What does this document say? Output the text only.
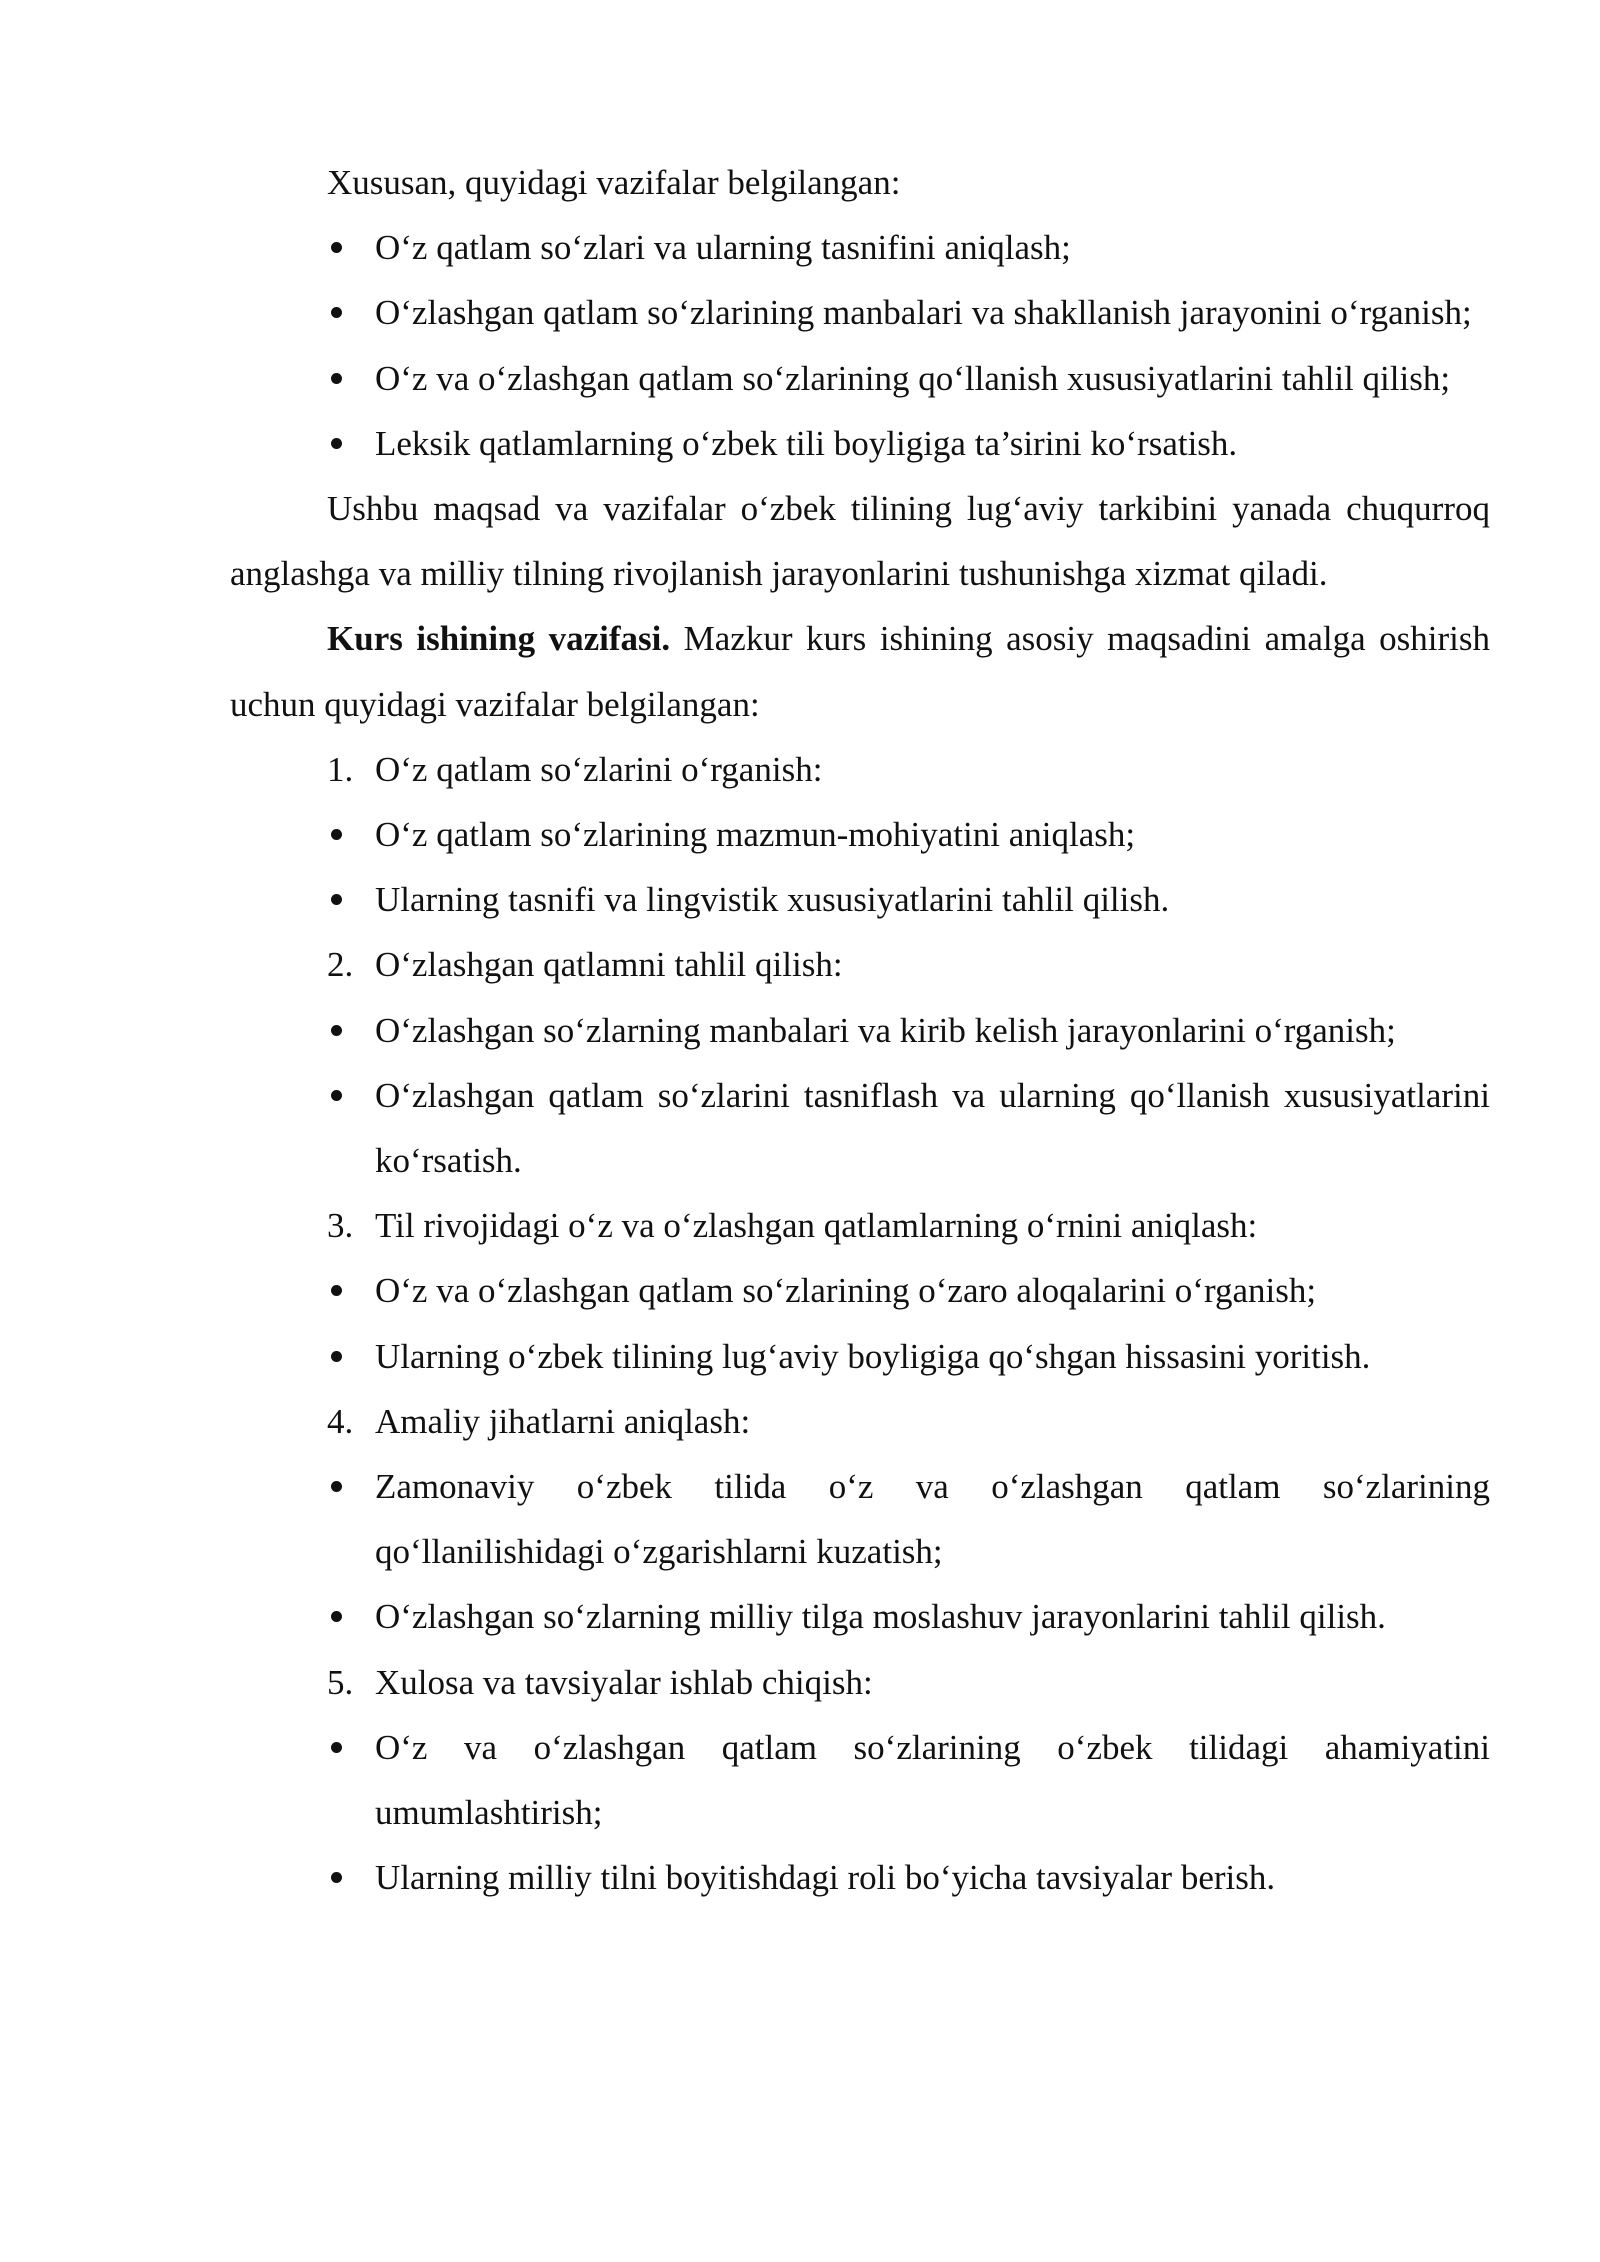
Xususan, quyidagi vazifalar belgilangan:

O‘z qatlam so‘zlari va ularning tasnifini aniqlash;
O‘zlashgan qatlam so‘zlarining manbalari va shakllanish jarayonini o‘rganish;
O‘z va o‘zlashgan qatlam so‘zlarining qo‘llanish xususiyatlarini tahlil qilish;
Leksik qatlamlarning o‘zbek tili boyligiga ta’sirini ko‘rsatish.

Ushbu maqsad va vazifalar o‘zbek tilining lug‘aviy tarkibini yanada chuqurroq anglashga va milliy tilning rivojlanish jarayonlarini tushunishga xizmat qiladi.

Kurs ishining vazifasi. Mazkur kurs ishining asosiy maqsadini amalga oshirish uchun quyidagi vazifalar belgilangan:

1. O‘z qatlam so‘zlarini o‘rganish:
O‘z qatlam so‘zlarining mazmun-mohiyatini aniqlash;
Ularning tasnifi va lingvistik xususiyatlarini tahlil qilish.
2. O‘zlashgan qatlamni tahlil qilish:
O‘zlashgan so‘zlarning manbalari va kirib kelish jarayonlarini o‘rganish;
O‘zlashgan qatlam so‘zlarini tasniflash va ularning qo‘llanish xususiyatlarini ko‘rsatish.
3. Til rivojidagi o‘z va o‘zlashgan qatlamlarning o‘rnini aniqlash:
O‘z va o‘zlashgan qatlam so‘zlarining o‘zaro aloqalarini o‘rganish;
Ularning o‘zbek tilining lug‘aviy boyligiga qo‘shgan hissasini yoritish.
4. Amaliy jihatlarni aniqlash:
Zamonaviy o‘zbek tilida o‘z va o‘zlashgan qatlam so‘zlarining qo‘llanilishidagi o‘zgarishlarni kuzatish;
O‘zlashgan so‘zlarning milliy tilga moslashuv jarayonlarini tahlil qilish.
5. Xulosa va tavsiyalar ishlab chiqish:
O‘z va o‘zlashgan qatlam so‘zlarining o‘zbek tilidagi ahamiyatini umumlashtirish;
Ularning milliy tilni boyitishdagi roli bo‘yicha tavsiyalar berish.
